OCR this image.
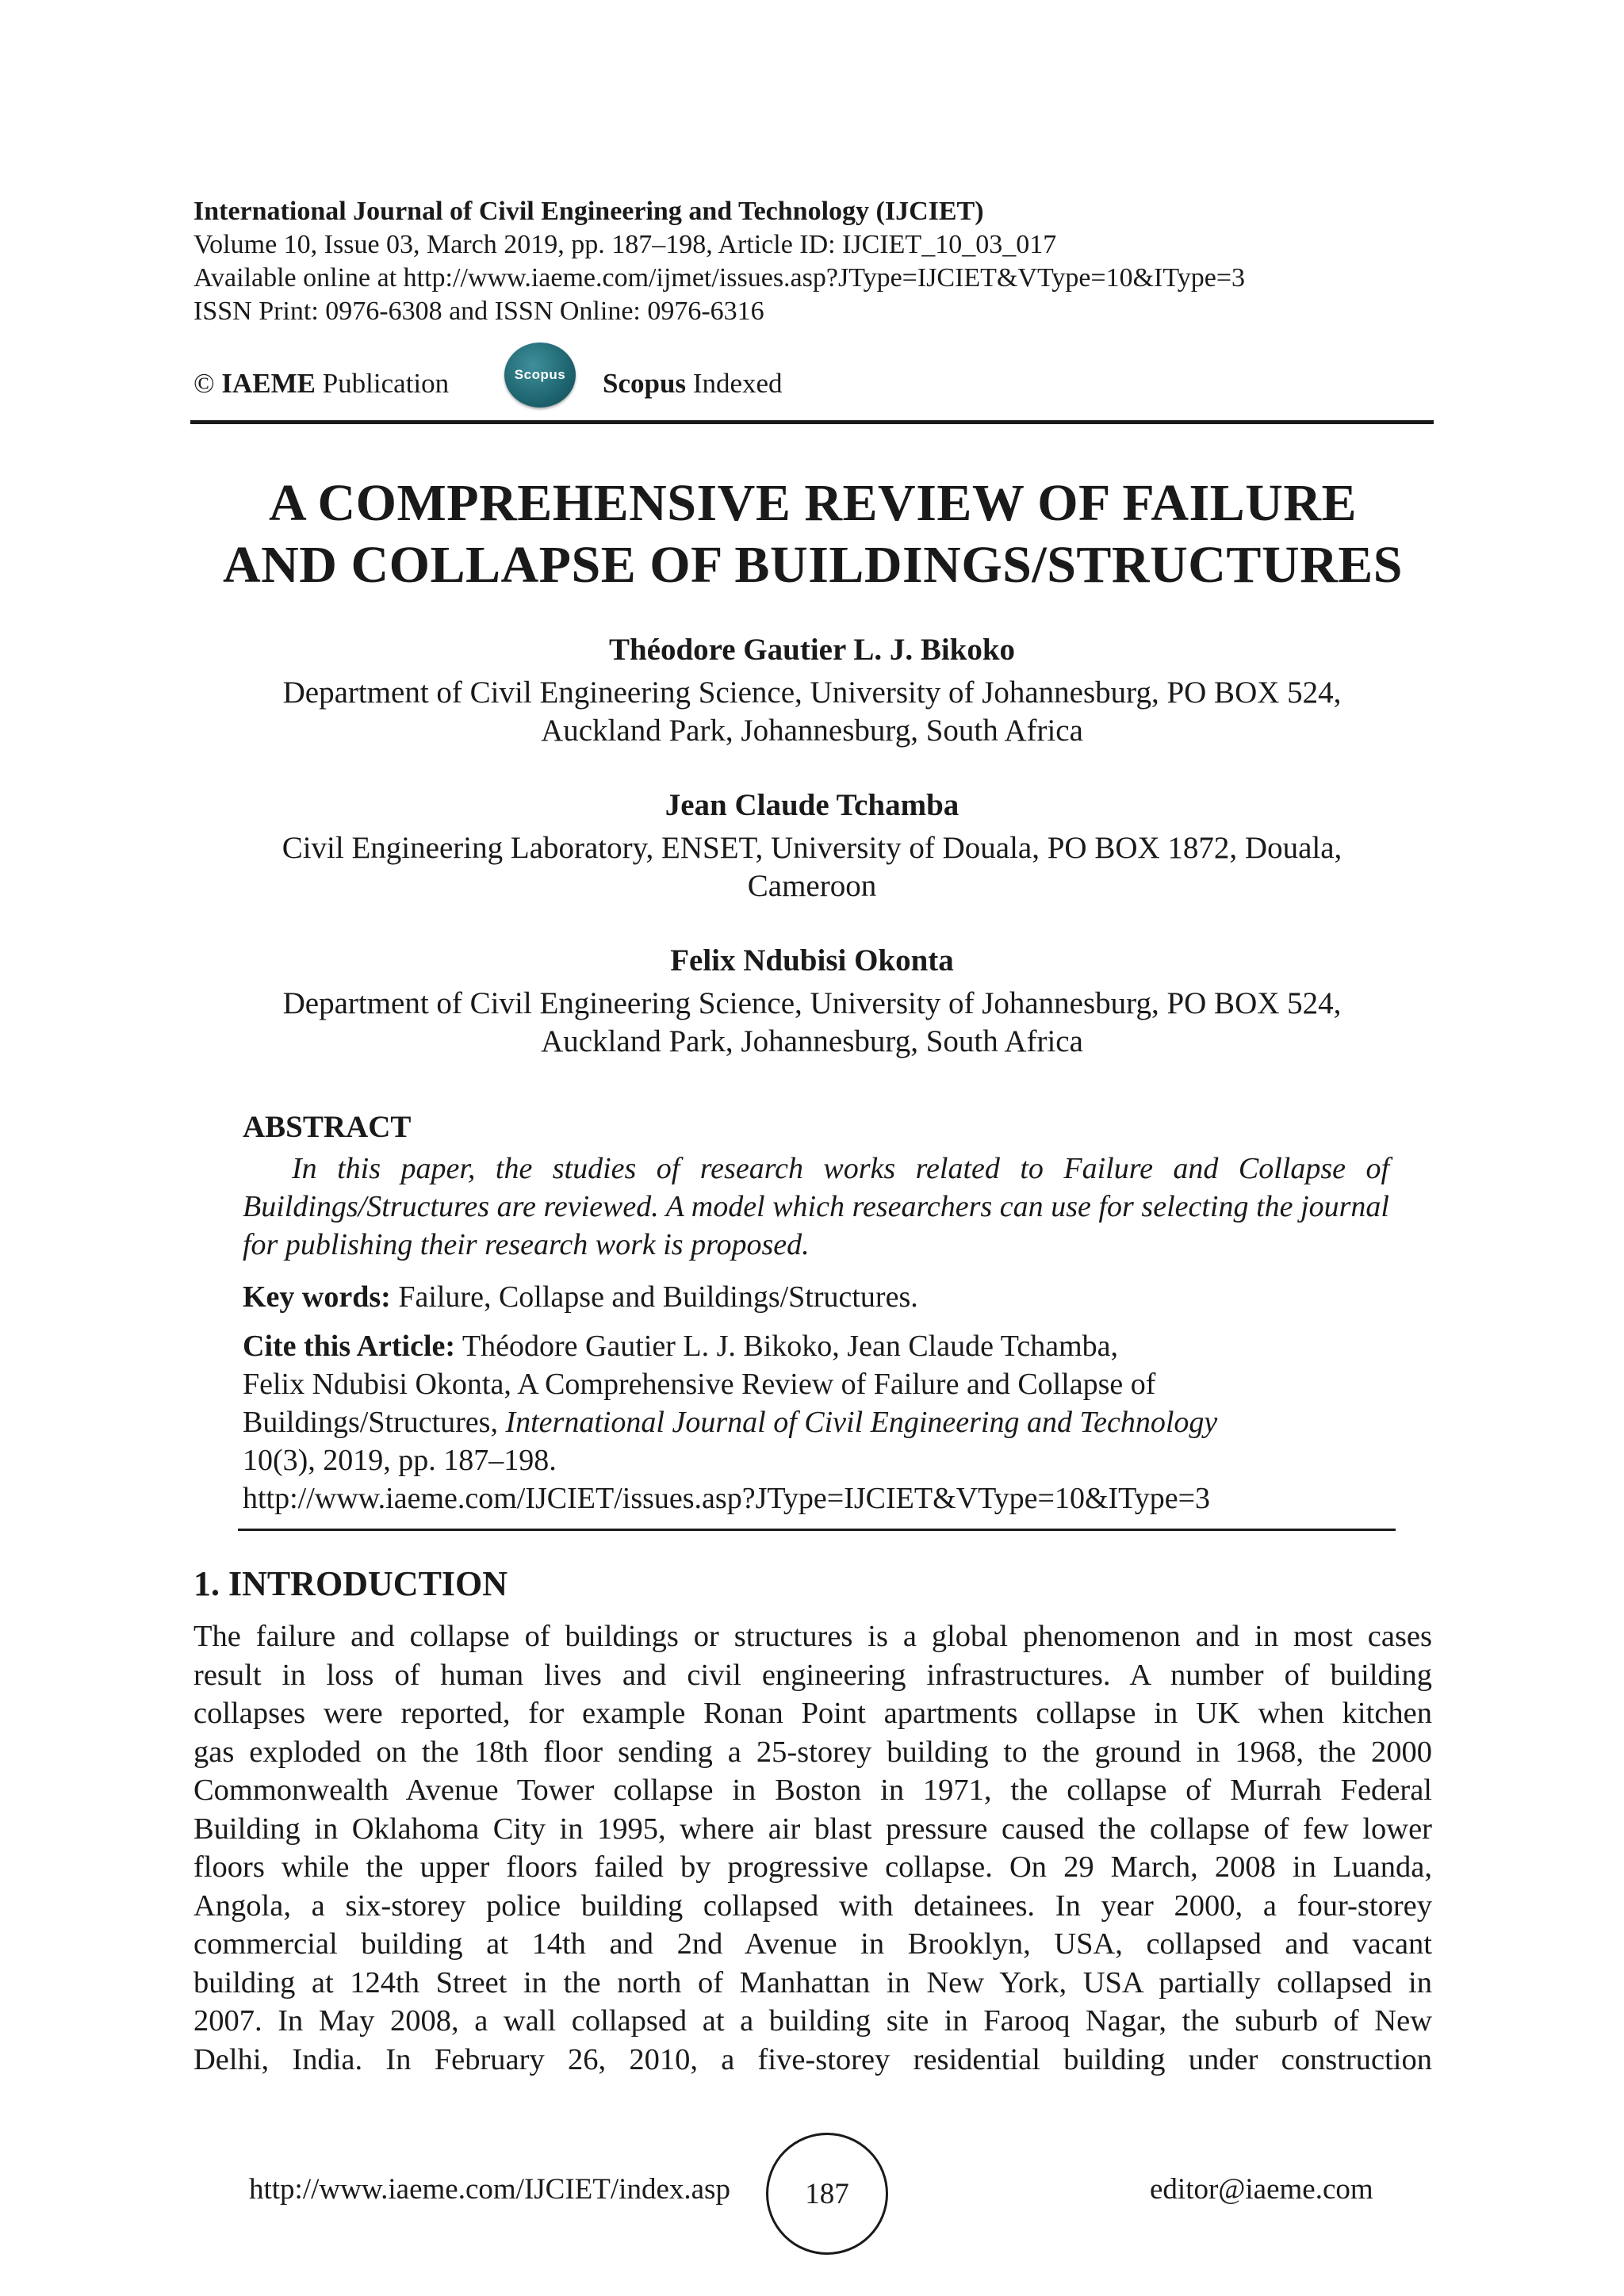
International Journal of Civil Engineering and Technology (IJCIET)
Volume 10, Issue 03, March 2019, pp. 187–198, Article ID: IJCIET_10_03_017
Available online at http://www.iaeme.com/ijmet/issues.asp?JType=IJCIET&VType=10&IType=3
ISSN Print: 0976-6308 and ISSN Online: 0976-6316
© IAEME Publication	Scopus Scopus Indexed
A COMPREHENSIVE REVIEW OF FAILURE
AND COLLAPSE OF BUILDINGS/STRUCTURES
Théodore Gautier L. J. Bikoko
Department of Civil Engineering Science, University of Johannesburg, PO BOX 524,
Auckland Park, Johannesburg, South Africa
Jean Claude Tchamba
Civil Engineering Laboratory, ENSET, University of Douala, PO BOX 1872, Douala,
Cameroon
Felix Ndubisi Okonta
Department of Civil Engineering Science, University of Johannesburg, PO BOX 524,
Auckland Park, Johannesburg, South Africa
ABSTRACT
In this paper, the studies of research works related to Failure and Collapse of Buildings/Structures are reviewed. A model which researchers can use for selecting the journal for publishing their research work is proposed.
Key words: Failure, Collapse and Buildings/Structures.
Cite this Article: Théodore Gautier L. J. Bikoko, Jean Claude Tchamba,
Felix Ndubisi Okonta, A Comprehensive Review of Failure and Collapse of
Buildings/Structures, International Journal of Civil Engineering and Technology
10(3), 2019, pp. 187–198.
http://www.iaeme.com/IJCIET/issues.asp?JType=IJCIET&VType=10&IType=3
1. INTRODUCTION
The failure and collapse of buildings or structures is a global phenomenon and in most cases
result in loss of human lives and civil engineering infrastructures. A number of building
collapses were reported, for example Ronan Point apartments collapse in UK when kitchen
gas exploded on the 18th floor sending a 25-storey building to the ground in 1968, the 2000
Commonwealth Avenue Tower collapse in Boston in 1971, the collapse of Murrah Federal
Building in Oklahoma City in 1995, where air blast pressure caused the collapse of few lower
floors while the upper floors failed by progressive collapse. On 29 March, 2008 in Luanda,
Angola, a six-storey police building collapsed with detainees. In year 2000, a four-storey
commercial building at 14th and 2nd Avenue in Brooklyn, USA, collapsed and vacant
building at 124th Street in the north of Manhattan in New York, USA partially collapsed in
2007. In May 2008, a wall collapsed at a building site in Farooq Nagar, the suburb of New
Delhi, India. In February 26, 2010, a five-storey residential building under construction
http://www.iaeme.com/IJCIET/index.asp	187	editor@iaeme.com
